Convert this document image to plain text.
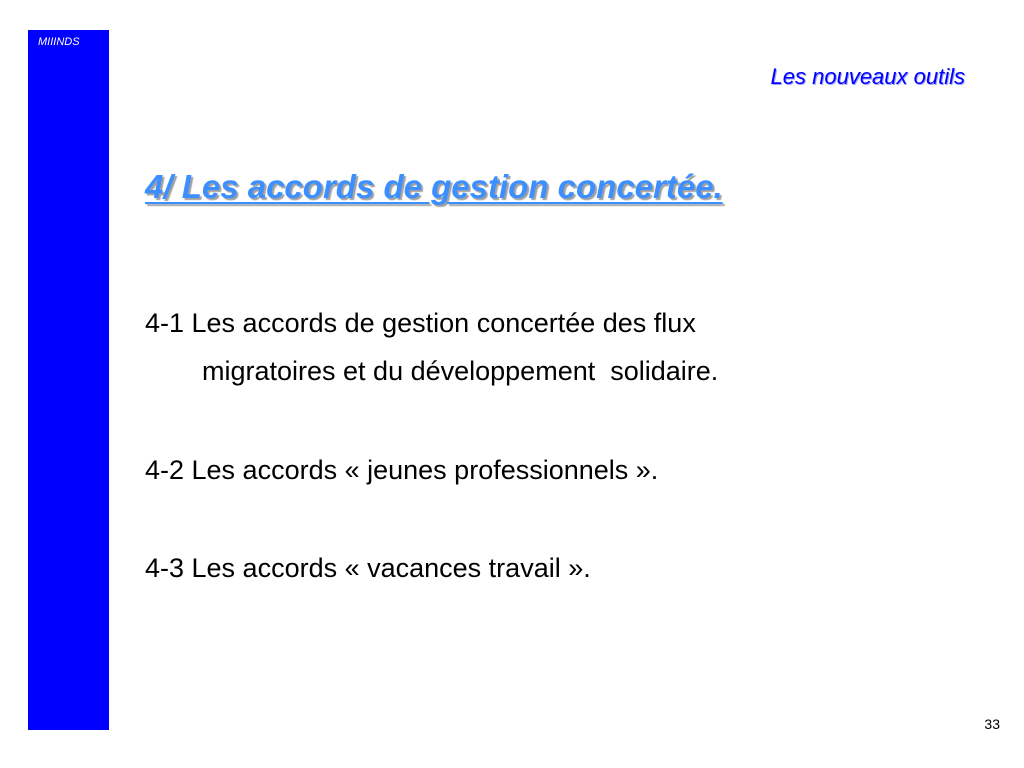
MIIINDS
Les nouveaux outils
4/ Les accords de gestion concertée.
4-1 Les accords de gestion concertée des flux
migratoires et du développement  solidaire.
4-2 Les accords « jeunes professionnels ».
4-3 Les accords « vacances travail ».
33
